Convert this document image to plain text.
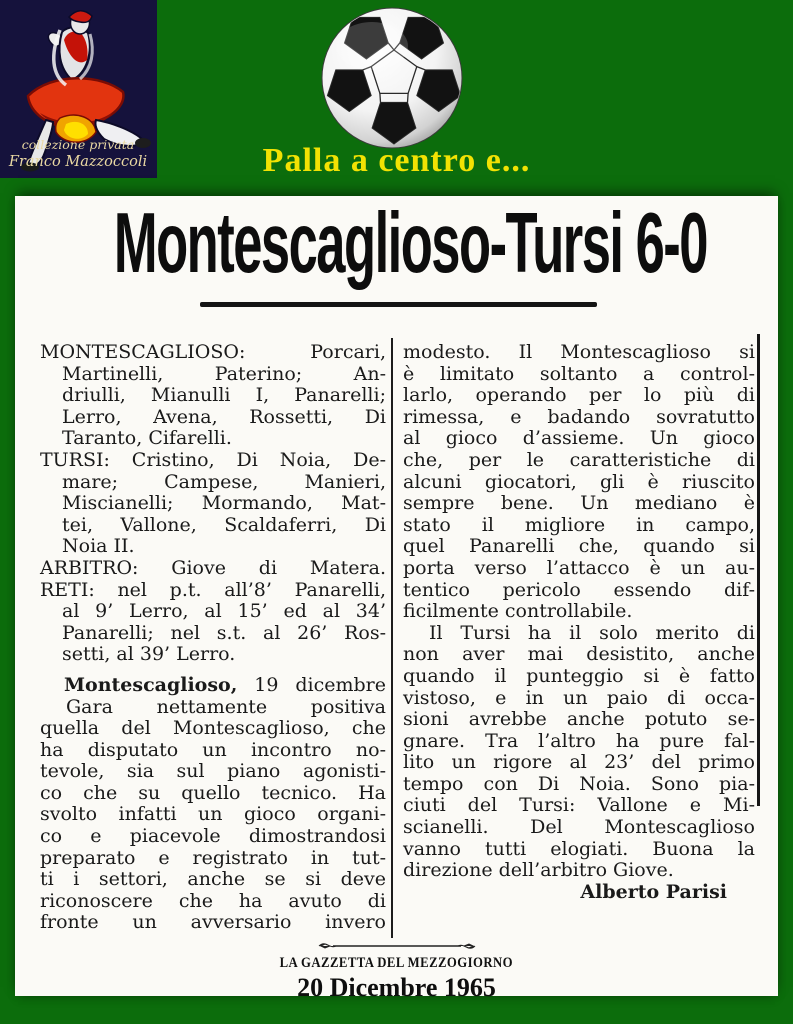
collezione privata
Franco Mazzoccoli	Palla a centro e...
Montescaglioso-Tursi 6-0
MONTESCAGLIOSO: Porcari,
Martinelli, Paterino; An-
driulli, Mianulli I, Panarelli;
Lerro, Avena, Rossetti, Di
Taranto, Cifarelli.
TURSI: Cristino, Di Noia, De-
mare; Campese, Manieri,
Miscianelli; Mormando, Mat-
tei, Vallone, Scaldaferri, Di
Noia II.
ARBITRO: Giove di Matera.
RETI: nel p.t. all’8’ Panarelli,
al 9’ Lerro, al 15’ ed al 34’
Panarelli; nel s.t. al 26’ Ros-
setti, al 39’ Lerro.
Montescaglioso, 19 dicembre
Gara nettamente positiva
quella del Montescaglioso, che
ha disputato un incontro no-
tevole, sia sul piano agonisti-
co che su quello tecnico. Ha
svolto infatti un gioco organi-
co e piacevole dimostrandosi
preparato e registrato in tut-
ti i settori, anche se si deve
riconoscere che ha avuto di
fronte un avversario invero
modesto. Il Montescaglioso si
è limitato soltanto a control-
larlo, operando per lo più di
rimessa, e badando sovratutto
al gioco d’assieme. Un gioco
che, per le caratteristiche di
alcuni giocatori, gli è riuscito
sempre bene. Un mediano è
stato il migliore in campo,
quel Panarelli che, quando si
porta verso l’attacco è un au-
tentico pericolo essendo dif-
ficilmente controllabile.
Il Tursi ha il solo merito di
non aver mai desistito, anche
quando il punteggio si è fatto
vistoso, e in un paio di occa-
sioni avrebbe anche potuto se-
gnare. Tra l’altro ha pure fal-
lito un rigore al 23’ del primo
tempo con Di Noia. Sono pia-
ciuti del Tursi: Vallone e Mi-
scianelli. Del Montescaglioso
vanno tutti elogiati. Buona la
direzione dell’arbitro Giove.
Alberto Parisi
LA GAZZETTA DEL MEZZOGIORNO
20 Dicembre 1965
